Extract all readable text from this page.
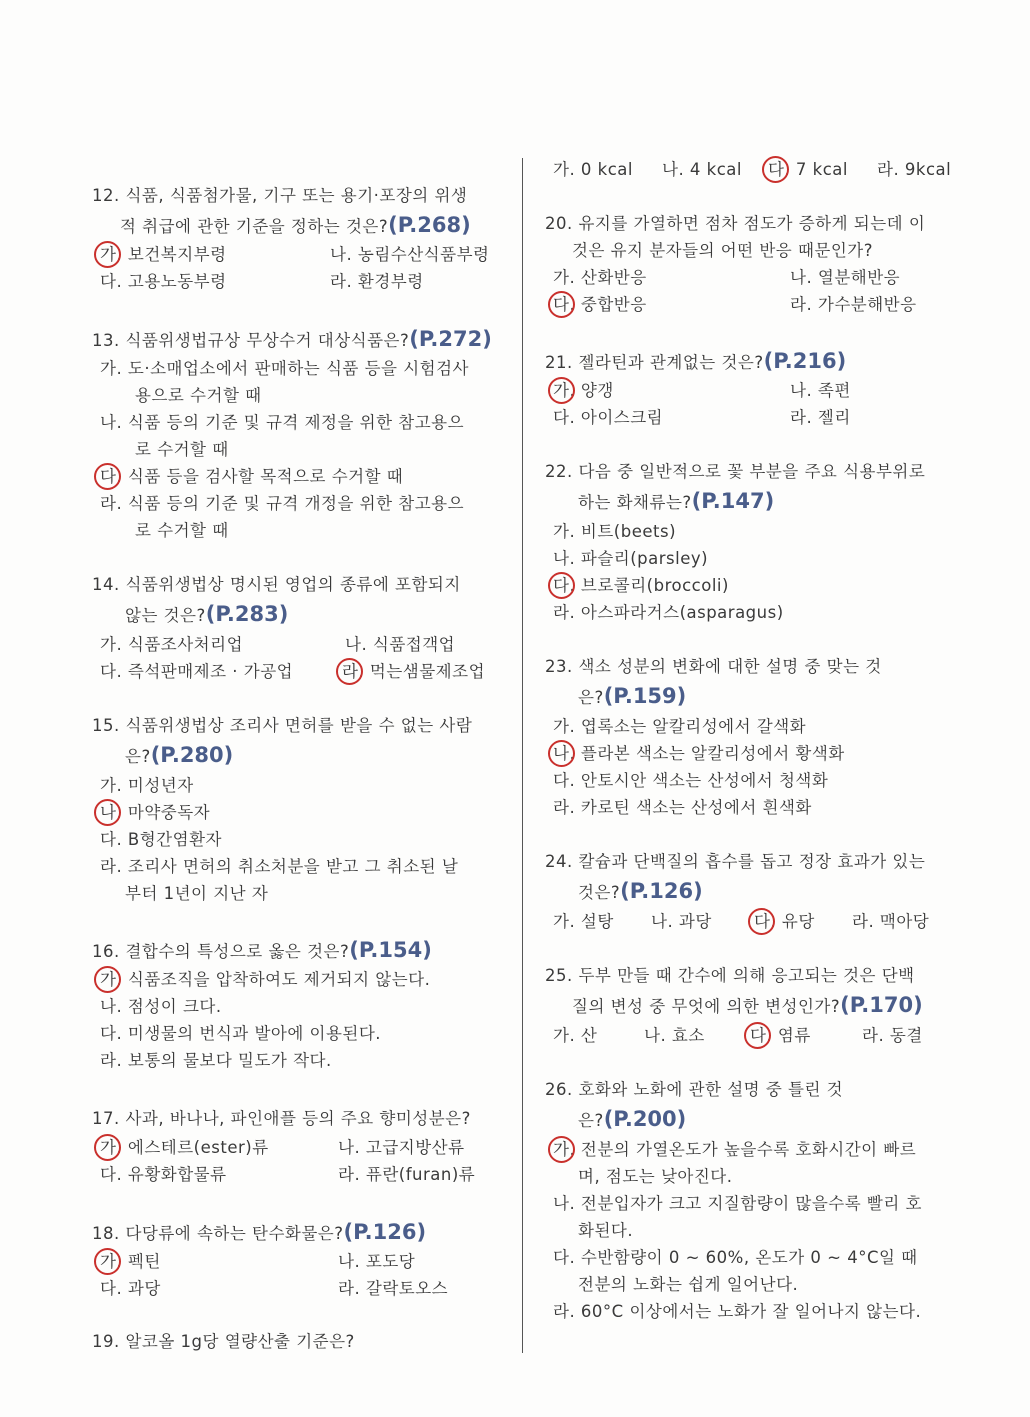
12. 식품, 식품첨가물, 기구 또는 용기·포장의 위생
적 취급에 관한 기준을 정하는 것은?(P.268)
가. 보건복지부령	나. 농림수산식품부령
다. 고용노동부령	라. 환경부령
13. 식품위생법규상 무상수거 대상식품은?(P.272)
가. 도·소매업소에서 판매하는 식품 등을 시험검사
용으로 수거할 때
나. 식품 등의 기준 및 규격 제정을 위한 참고용으
로 수거할 때
다. 식품 등을 검사할 목적으로 수거할 때
라. 식품 등의 기준 및 규격 개정을 위한 참고용으
로 수거할 때
14. 식품위생법상 명시된 영업의 종류에 포함되지
않는 것은?(P.283)
가. 식품조사처리업	나. 식품접객업
다. 즉석판매제조 · 가공업	라. 먹는샘물제조업
15. 식품위생법상 조리사 면허를 받을 수 없는 사람
은?(P.280)
가. 미성년자
나. 마약중독자
다. B형간염환자
라. 조리사 면허의 취소처분을 받고 그 취소된 날
부터 1년이 지난 자
16. 결합수의 특성으로 옳은 것은?(P.154)
가. 식품조직을 압착하여도 제거되지 않는다.
나. 점성이 크다.
다. 미생물의 번식과 발아에 이용된다.
라. 보통의 물보다 밀도가 작다.
17. 사과, 바나나, 파인애플 등의 주요 향미성분은?
가. 에스테르(ester)류	나. 고급지방산류
다. 유황화합물류	라. 퓨란(furan)류
18. 다당류에 속하는 탄수화물은?(P.126)
가. 펙틴	나. 포도당
다. 과당	라. 갈락토오스
19. 알코올 1g당 열량산출 기준은?
가. 0 kcal 나. 4 kcal 다. 7 kcal 라. 9kcal
20. 유지를 가열하면 점차 점도가 증하게 되는데 이
것은 유지 분자들의 어떤 반응 때문인가?
가. 산화반응	나. 열분해반응
다. 중합반응	라. 가수분해반응
21. 젤라틴과 관계없는 것은?(P.216)
가. 양갱	나. 족편
다. 아이스크림	라. 젤리
22. 다음 중 일반적으로 꽃 부분을 주요 식용부위로
하는 화채류는?(P.147)
가. 비트(beets)
나. 파슬리(parsley)
다. 브로콜리(broccoli)
라. 아스파라거스(asparagus)
23. 색소 성분의 변화에 대한 설명 중 맞는 것
은?(P.159)
가. 엽록소는 알칼리성에서 갈색화
나. 플라본 색소는 알칼리성에서 황색화
다. 안토시안 색소는 산성에서 청색화
라. 카로틴 색소는 산성에서 흰색화
24. 칼슘과 단백질의 흡수를 돕고 정장 효과가 있는
것은?(P.126)
가. 설탕 나. 과당	다. 유당 라. 맥아당
25. 두부 만들 때 간수에 의해 응고되는 것은 단백
질의 변성 중 무엇에 의한 변성인가?(P.170)
가. 산	나. 효소	다. 염류	라. 동결
26. 호화와 노화에 관한 설명 중 틀린 것
은?(P.200)
가. 전분의 가열온도가 높을수록 호화시간이 빠르
며, 점도는 낮아진다.
나. 전분입자가 크고 지질함량이 많을수록 빨리 호
화된다.
다. 수반함량이 0 ~ 60%, 온도가 0 ~ 4°C일 때
전분의 노화는 쉽게 일어난다.
라. 60°C 이상에서는 노화가 잘 일어나지 않는다.
